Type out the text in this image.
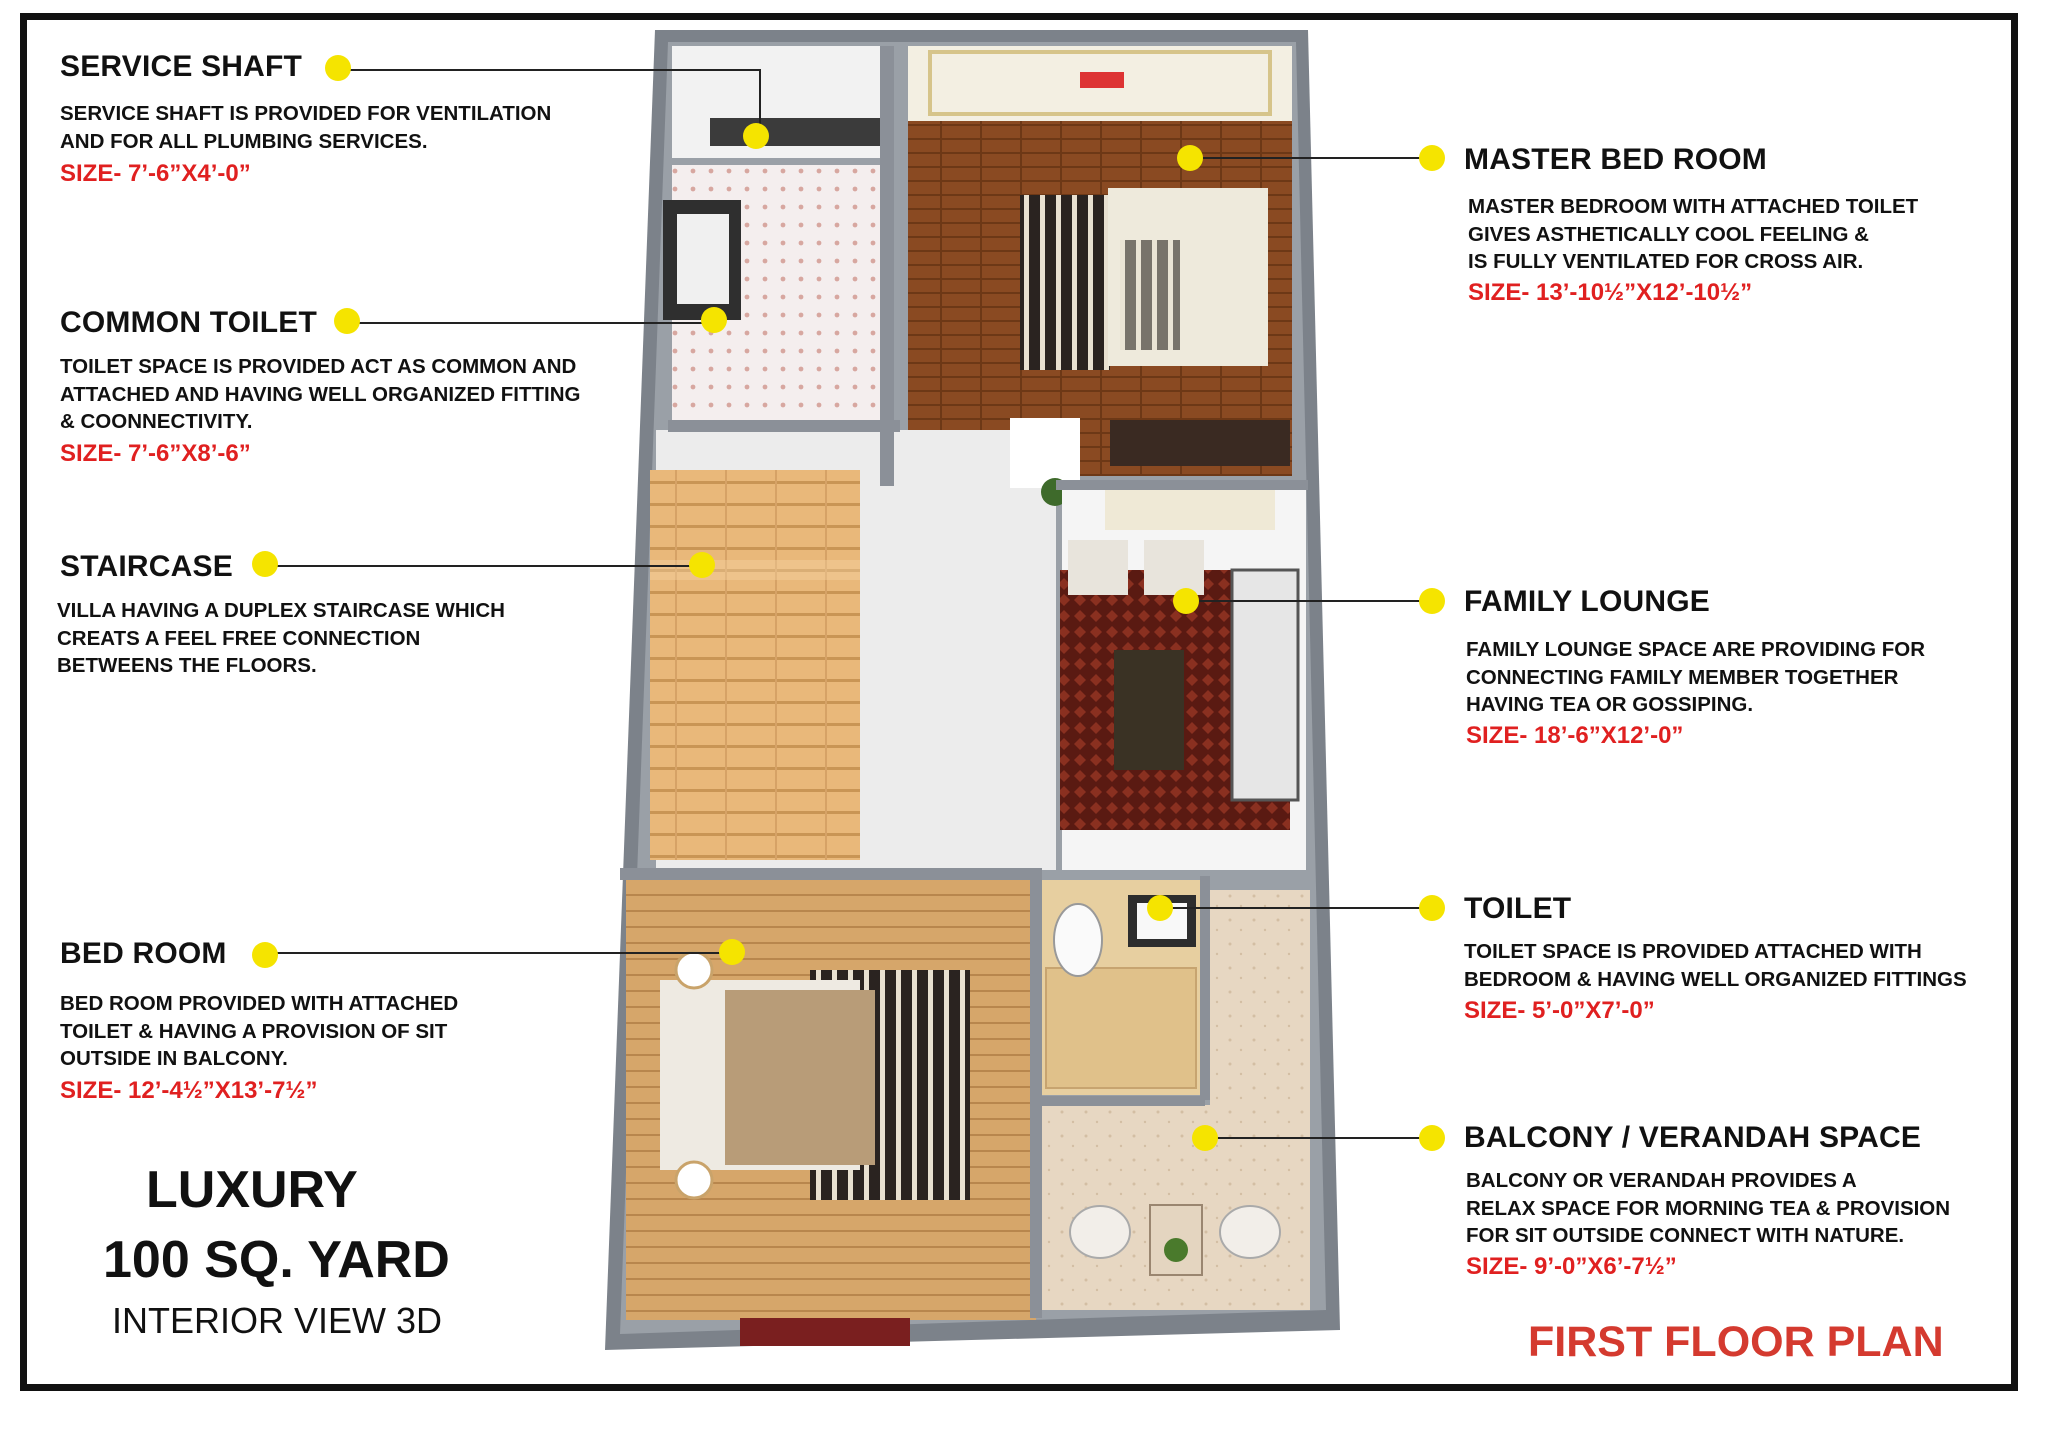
SERVICE SHAFT
SERVICE SHAFT IS PROVIDED FOR VENTILATION
AND FOR ALL PLUMBING SERVICES.
SIZE- 7’-6”X4’-0”
COMMON TOILET
TOILET SPACE IS PROVIDED ACT AS COMMON AND
ATTACHED AND HAVING WELL ORGANIZED FITTING
& COONNECTIVITY.
SIZE- 7’-6”X8’-6”
STAIRCASE
VILLA HAVING A DUPLEX STAIRCASE WHICH
CREATS A FEEL FREE CONNECTION
BETWEENS THE FLOORS.
BED ROOM
BED ROOM PROVIDED WITH ATTACHED
TOILET & HAVING A PROVISION OF SIT
OUTSIDE IN BALCONY.
SIZE- 12’-4½”X13’-7½”
LUXURY
100 SQ. YARD
INTERIOR VIEW 3D
MASTER BED ROOM
MASTER BEDROOM WITH ATTACHED TOILET
GIVES ASTHETICALLY COOL FEELING &
IS FULLY VENTILATED FOR CROSS AIR.
SIZE- 13’-10½”X12’-10½”
FAMILY LOUNGE
FAMILY LOUNGE SPACE ARE PROVIDING FOR
CONNECTING FAMILY MEMBER TOGETHER
HAVING TEA OR GOSSIPING.
SIZE- 18’-6”X12’-0”
TOILET
TOILET SPACE IS PROVIDED ATTACHED WITH
BEDROOM & HAVING WELL ORGANIZED FITTINGS
SIZE- 5’-0”X7’-0”
BALCONY / VERANDAH SPACE
BALCONY OR VERANDAH PROVIDES A
RELAX SPACE FOR MORNING TEA & PROVISION
FOR SIT OUTSIDE CONNECT WITH NATURE.
SIZE- 9’-0”X6’-7½”
FIRST FLOOR PLAN
